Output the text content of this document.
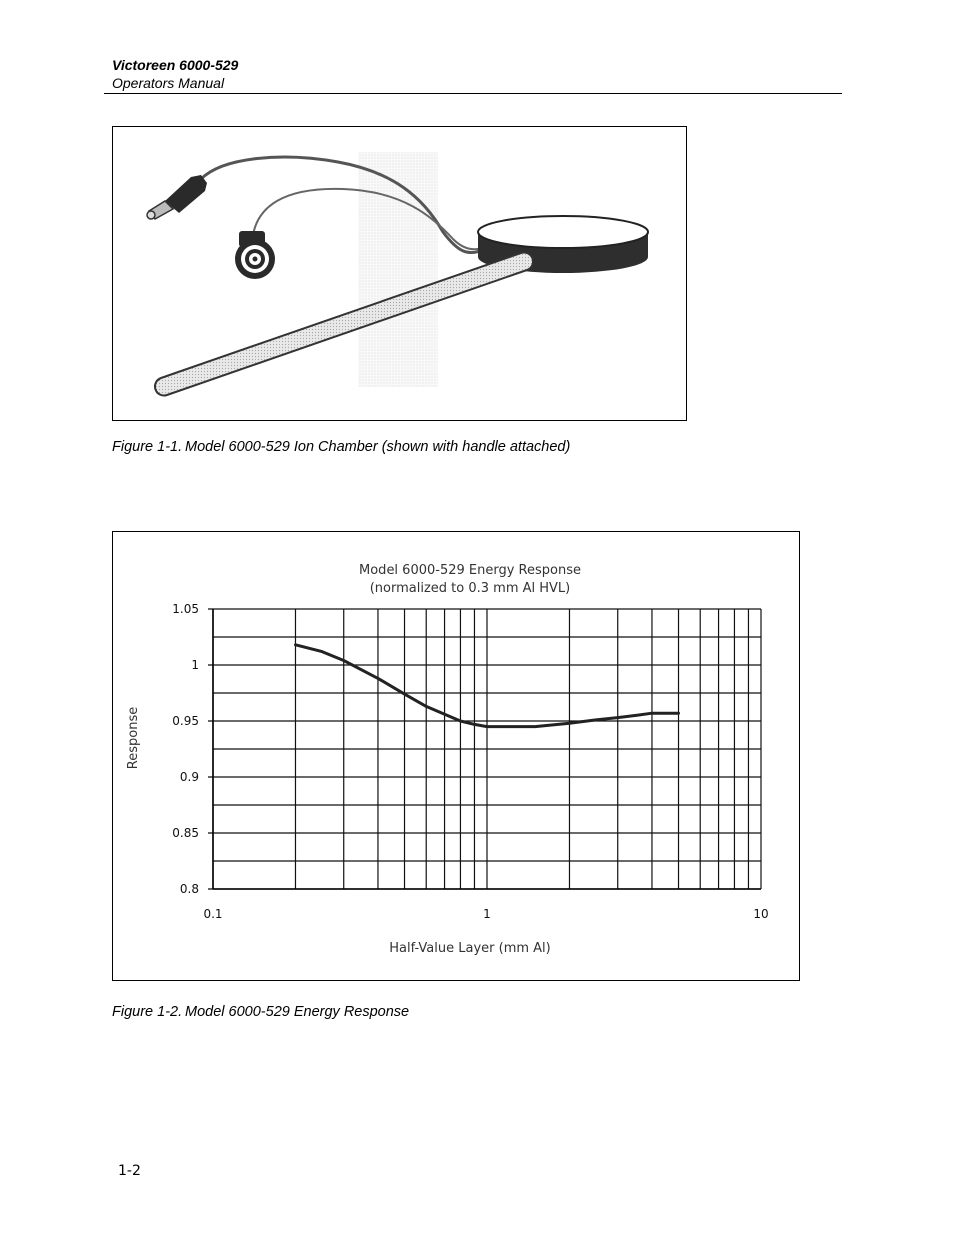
Victoreen 6000-529
Operators Manual
Figure 1-1. Model 6000-529 Ion Chamber (shown with handle attached)
Model 6000-529 Energy Response
(normalized to 0.3 mm Al HVL)
0.8
0.85
0.9
0.95
1
1.05
0.1	1	10
Half-Value Layer (mm Al)
Response
Figure 1-2. Model 6000-529 Energy Response
1-2
